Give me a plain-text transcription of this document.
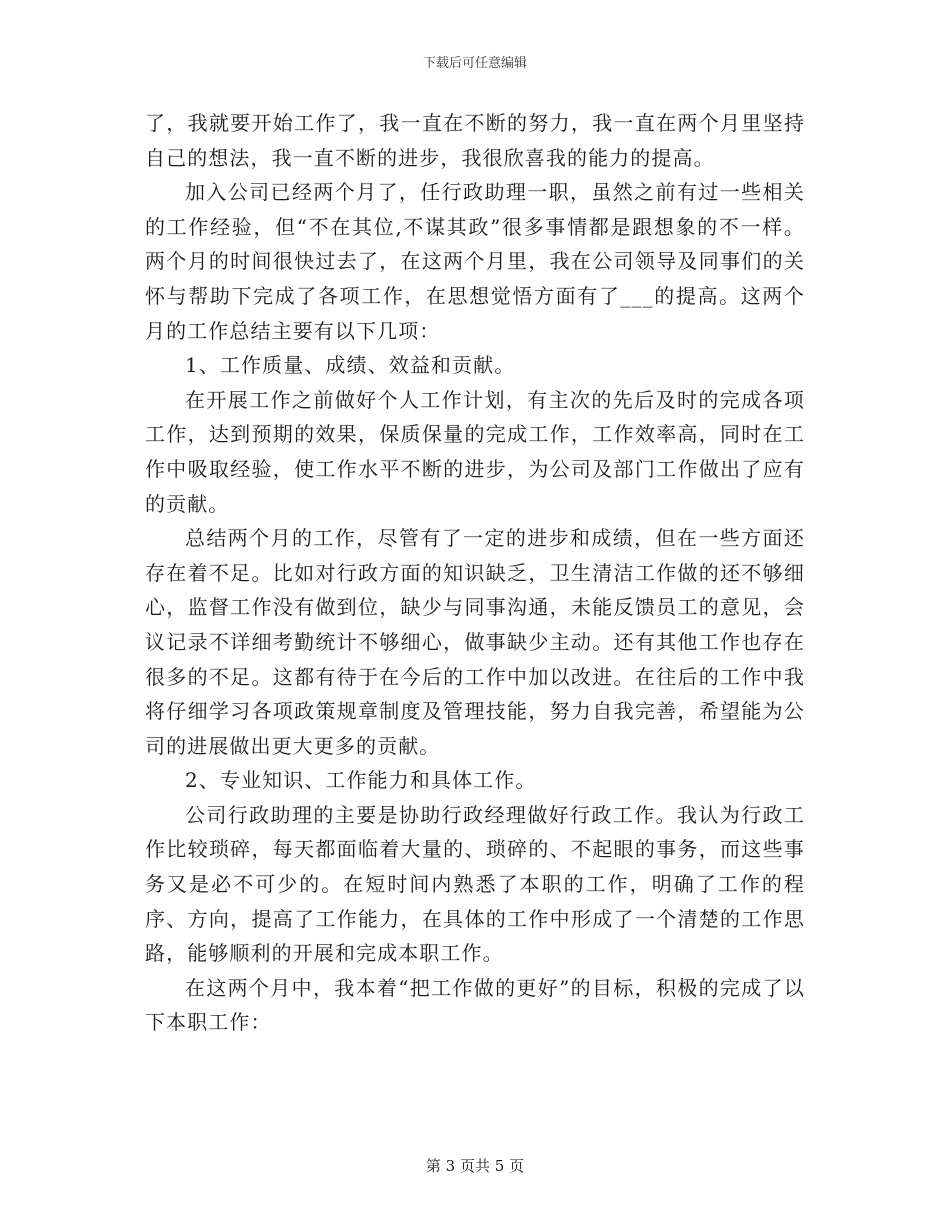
下载后可任意编辑

了，我就要开始工作了，我一直在不断的努力，我一直在两个月里坚持自己的想法，我一直不断的进步，我很欣喜我的能力的提高。

加入公司已经两个月了，任行政助理一职，虽然之前有过一些相关的工作经验，但“不在其位,不谋其政”很多事情都是跟想象的不一样。两个月的时间很快过去了，在这两个月里，我在公司领导及同事们的关怀与帮助下完成了各项工作，在思想觉悟方面有了___的提高。这两个月的工作总结主要有以下几项：

1、工作质量、成绩、效益和贡献。

在开展工作之前做好个人工作计划，有主次的先后及时的完成各项工作，达到预期的效果，保质保量的完成工作，工作效率高，同时在工作中吸取经验，使工作水平不断的进步，为公司及部门工作做出了应有的贡献。

总结两个月的工作，尽管有了一定的进步和成绩，但在一些方面还存在着不足。比如对行政方面的知识缺乏，卫生清洁工作做的还不够细心，监督工作没有做到位，缺少与同事沟通，未能反馈员工的意见，会议记录不详细考勤统计不够细心，做事缺少主动。还有其他工作也存在很多的不足。这都有待于在今后的工作中加以改进。在往后的工作中我将仔细学习各项政策规章制度及管理技能，努力自我完善，希望能为公司的进展做出更大更多的贡献。

2、专业知识、工作能力和具体工作。

公司行政助理的主要是协助行政经理做好行政工作。我认为行政工作比较琐碎，每天都面临着大量的、琐碎的、不起眼的事务，而这些事务又是必不可少的。在短时间内熟悉了本职的工作，明确了工作的程序、方向，提高了工作能力，在具体的工作中形成了一个清楚的工作思路，能够顺利的开展和完成本职工作。

在这两个月中，我本着“把工作做的更好”的目标，积极的完成了以下本职工作：

第 3 页共 5 页
